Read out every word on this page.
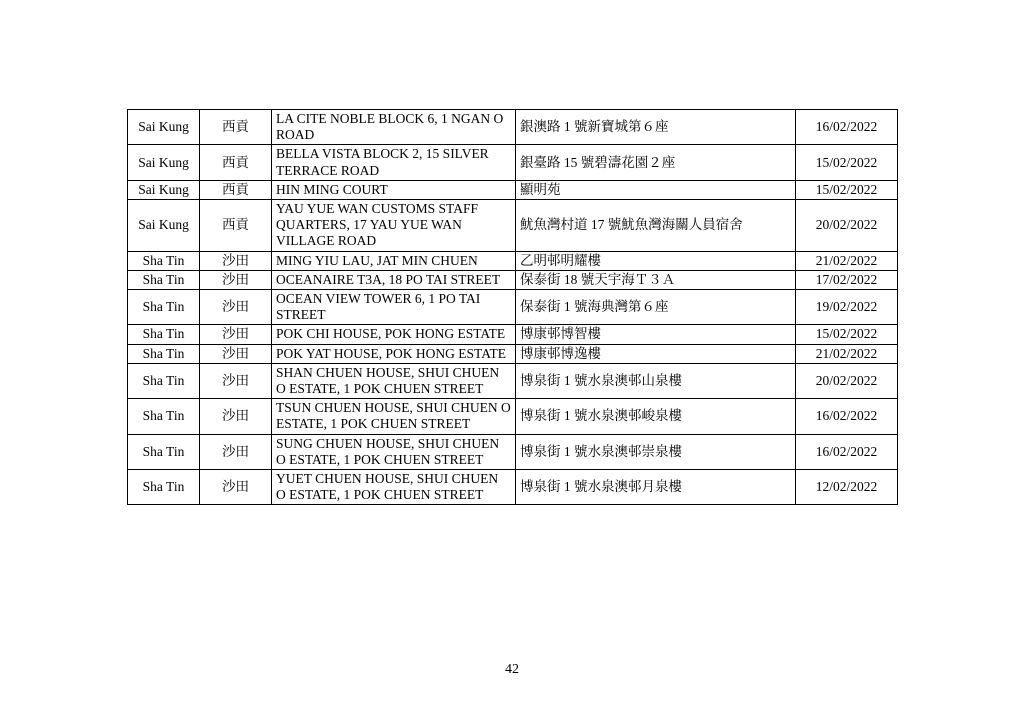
Sai Kung	西貢	LA CITE NOBLE BLOCK 6, 1 NGAN O ROAD	銀澳路 1 號新寶城第６座	16/02/2022
Sai Kung	西貢	BELLA VISTA BLOCK 2, 15 SILVER TERRACE ROAD	銀臺路 15 號碧濤花園２座	15/02/2022
Sai Kung	西貢	HIN MING COURT	顯明苑	15/02/2022
Sai Kung	西貢	YAU YUE WAN CUSTOMS STAFF QUARTERS, 17 YAU YUE WAN VILLAGE ROAD	魷魚灣村道 17 號魷魚灣海關人員宿舍	20/02/2022
Sha Tin	沙田	MING YIU LAU, JAT MIN CHUEN	乙明邨明耀樓	21/02/2022
Sha Tin	沙田	OCEANAIRE T3A, 18 PO TAI STREET	保泰街 18 號天宇海Ｔ３Ａ	17/02/2022
Sha Tin	沙田	OCEAN VIEW TOWER 6, 1 PO TAI STREET	保泰街 1 號海典灣第６座	19/02/2022
Sha Tin	沙田	POK CHI HOUSE, POK HONG ESTATE	博康邨博智樓	15/02/2022
Sha Tin	沙田	POK YAT HOUSE, POK HONG ESTATE	博康邨博逸樓	21/02/2022
Sha Tin	沙田	SHAN CHUEN HOUSE, SHUI CHUEN O ESTATE, 1 POK CHUEN STREET	博泉街 1 號水泉澳邨山泉樓	20/02/2022
Sha Tin	沙田	TSUN CHUEN HOUSE, SHUI CHUEN O ESTATE, 1 POK CHUEN STREET	博泉街 1 號水泉澳邨峻泉樓	16/02/2022
Sha Tin	沙田	SUNG CHUEN HOUSE, SHUI CHUEN O ESTATE, 1 POK CHUEN STREET	博泉街 1 號水泉澳邨崇泉樓	16/02/2022
Sha Tin	沙田	YUET CHUEN HOUSE, SHUI CHUEN O ESTATE, 1 POK CHUEN STREET	博泉街 1 號水泉澳邨月泉樓	12/02/2022
42
